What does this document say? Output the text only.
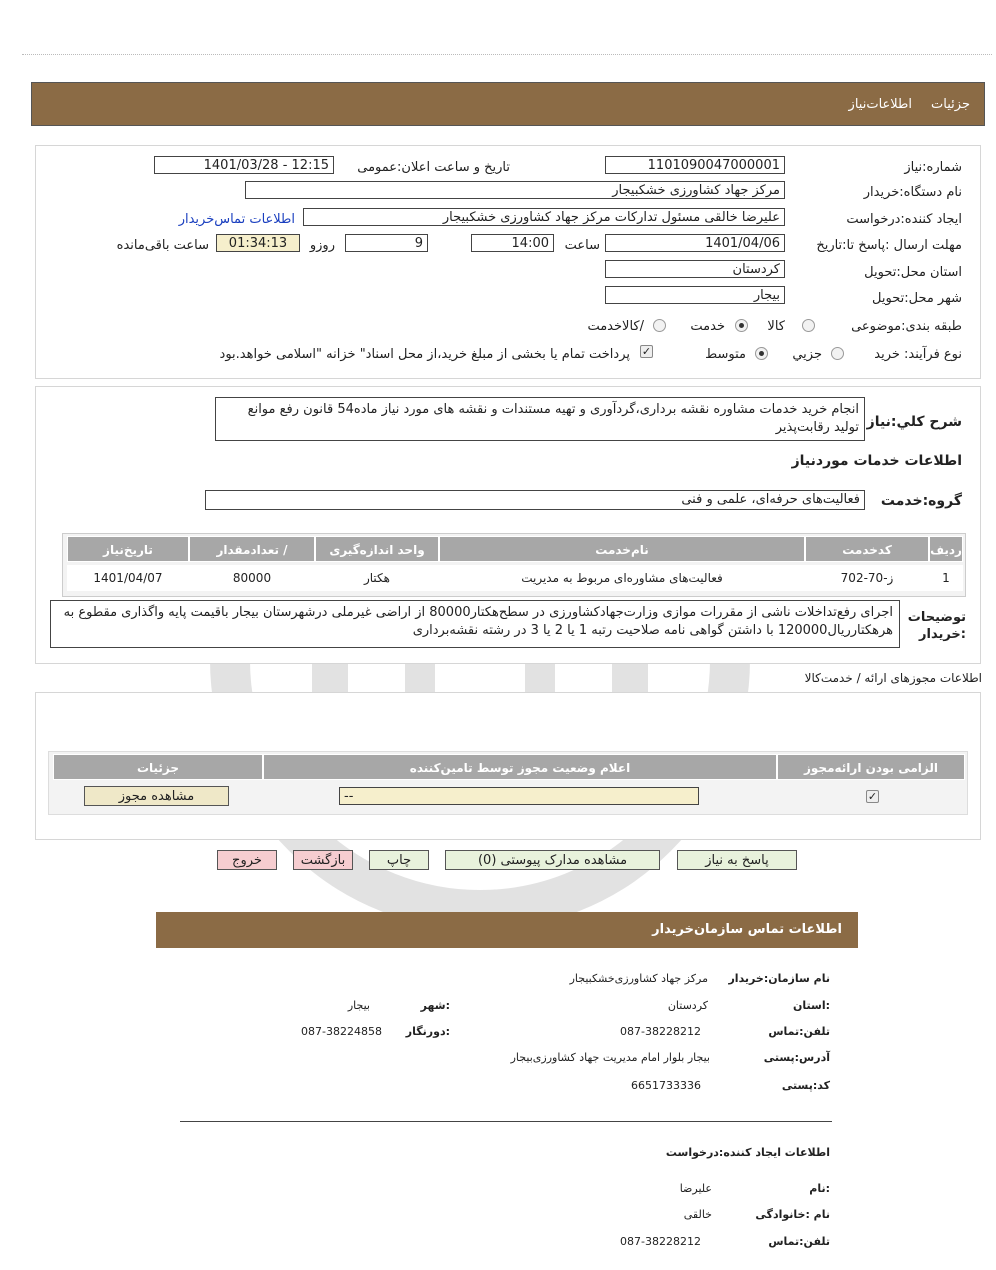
جزئیات
اطلاعات‌نیاز
شماره:نیاز
1101090047000001
تاریخ و ساعت اعلان:عمومی
1401/03/28 - 12:15
نام دستگاه:خریدار
مرکز جهاد کشاورزی خشکبیجار
ایجاد کننده:درخواست
علیرضا خالقی مسئول تدارکات مرکز جهاد کشاورزی خشکبیجار
اطلاعات تماس‌خریدار
مهلت ارسال :پاسخ تا:تاریخ
1401/04/06
ساعت
14:00
9
روزو
01:34:13
ساعت باقی‌مانده
استان محل:تحویل
کردستان
شهر محل:تحویل
بیجار
طبقه بندی:موضوعی
کالا
خدمت
/کالاخدمت
نوع فرآیند: خرید
جزیي
متوسط
✓
پرداخت تمام یا بخشی از مبلغ خرید،از محل اسناد" خزانه "اسلامی خواهد.بود
شرح کلي:نياز
انجام خرید خدمات مشاوره نقشه برداری،گردآوری و تهیه مستندات و نقشه های مورد نیاز ماده54 قانون رفع موانع تولید رقابت‌پذیر
اطلاعات خدمات موردنیاز
گروه:خدمت
فعالیت‌های حرفه‌ای، علمی و فنی
ردیف
کدخدمت
نام‌خدمت
واحد اندازه‌گیری
/ تعدادمقدار
تاریخ‌نیاز
1
ز-70-702
فعالیت‌های مشاوره‌ای مربوط به مدیریت
هکتار
80000
1401/04/07
توضیحات :خریدار
اجرای رفع‌تداخلات ناشی از مقررات موازی وزارت‌جهادکشاورزی در سطح‌هکتار80000 از اراضی غیرملی در‌شهرستان بیجار باقیمت پایه واگذاری مقطوع به هرهکتارریال120000 با داشتن گواهی نامه صلاحیت رتبه 1 یا 2 یا 3 در رشته نقشه‌برداری
اطلاعات مجوزهای ارائه / خدمت‌کالا
الزامی بودن ارائه‌مجوز
اعلام وضعیت مجوز توسط تامین‌کننده
جزئیات
✓
--
مشاهده مجوز
پاسخ به نیاز
مشاهده مدارک پیوستی (0)
چاپ
بازگشت
خروج
اطلاعات تماس سازمان‌خریدار
نام سازمان:خریدار
مرکز جهاد کشاورزی‌خشکبیجار
:استان
کردستان
:شهر
بیجار
تلفن:تماس
087-38228212
:دورنگار
087-38224858
آدرس:پستی
بیجار بلوار امام مدیریت جهاد کشاورزی‌بیجار
کد:پستی
6651733336
اطلاعات ایجاد کننده:درخواست
:نام
علیرضا
نام :خانوادگی
خالقی
تلفن:تماس
087-38228212
